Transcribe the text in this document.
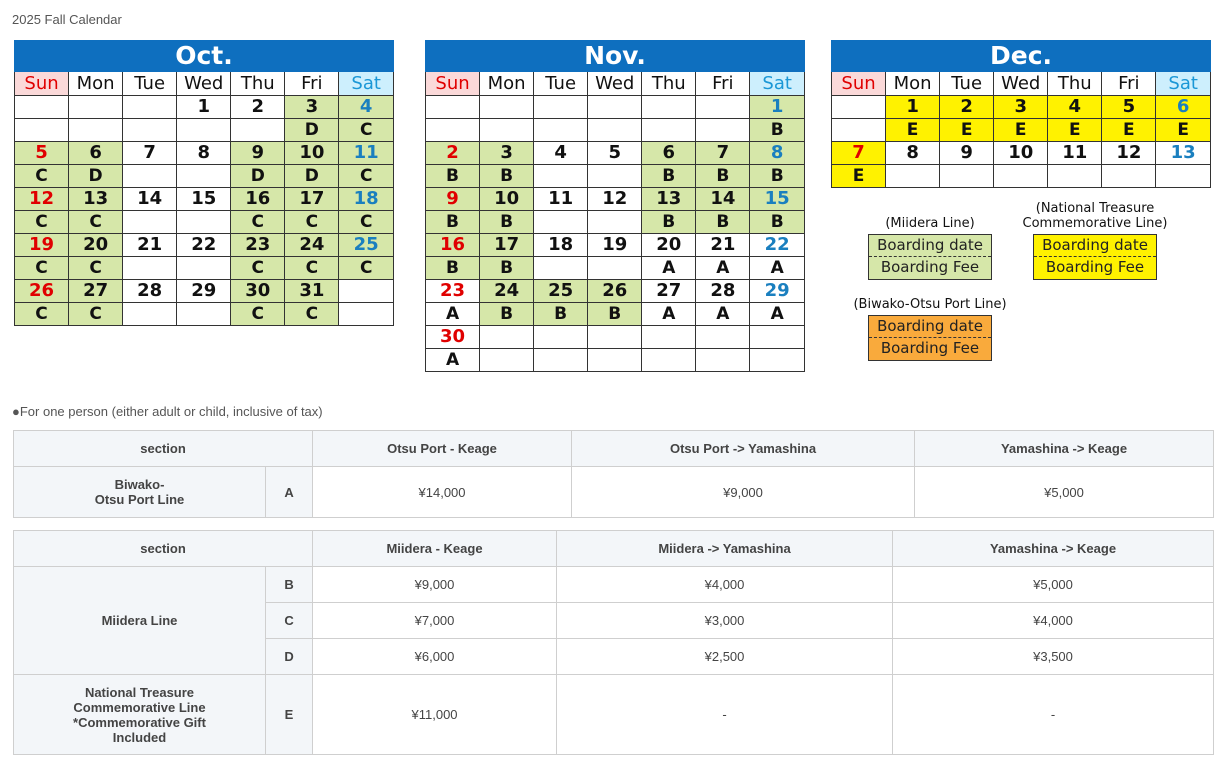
2025 Fall Calendar
Oct.						
Sun	Mon	Tue	Wed	Thu	Fri	Sat
			1	2	3	4
					D	C
5	6	7	8	9	10	11
C	D			D	D	C
12	13	14	15	16	17	18
C	C			C	C	C
19	20	21	22	23	24	25
C	C			C	C	C
26	27	28	29	30	31	
C	C			C	C	
Nov.						
Sun	Mon	Tue	Wed	Thu	Fri	Sat
						1
						B
2	3	4	5	6	7	8
B	B			B	B	B
9	10	11	12	13	14	15
B	B			B	B	B
16	17	18	19	20	21	22
B	B			A	A	A
23	24	25	26	27	28	29
A	B	B	B	A	A	A
30						
A						
Dec.						
Sun	Mon	Tue	Wed	Thu	Fri	Sat
	1	2	3	4	5	6
	E	E	E	E	E	E
7	8	9	10	11	12	13
E						
(Miidera Line)
Boarding date
Boarding Fee
(National Treasure
Commemorative Line)
Boarding date
Boarding Fee
(Biwako-Otsu Port Line)
Boarding date
Boarding Fee
●For one person (either adult or child, inclusive of tax)
section		Otsu Port - Keage	Otsu Port -> Yamashina	Yamashina -> Keage
Biwako-
Otsu Port Line	A	¥14,000	¥9,000	¥5,000
section		Miidera - Keage	Miidera -> Yamashina	Yamashina -> Keage
Miidera Line	B	¥9,000	¥4,000	¥5,000
	C	¥7,000	¥3,000	¥4,000
	D	¥6,000	¥2,500	¥3,500
National Treasure
Commemorative Line
*Commemorative Gift
Included	E	¥11,000	-	-
